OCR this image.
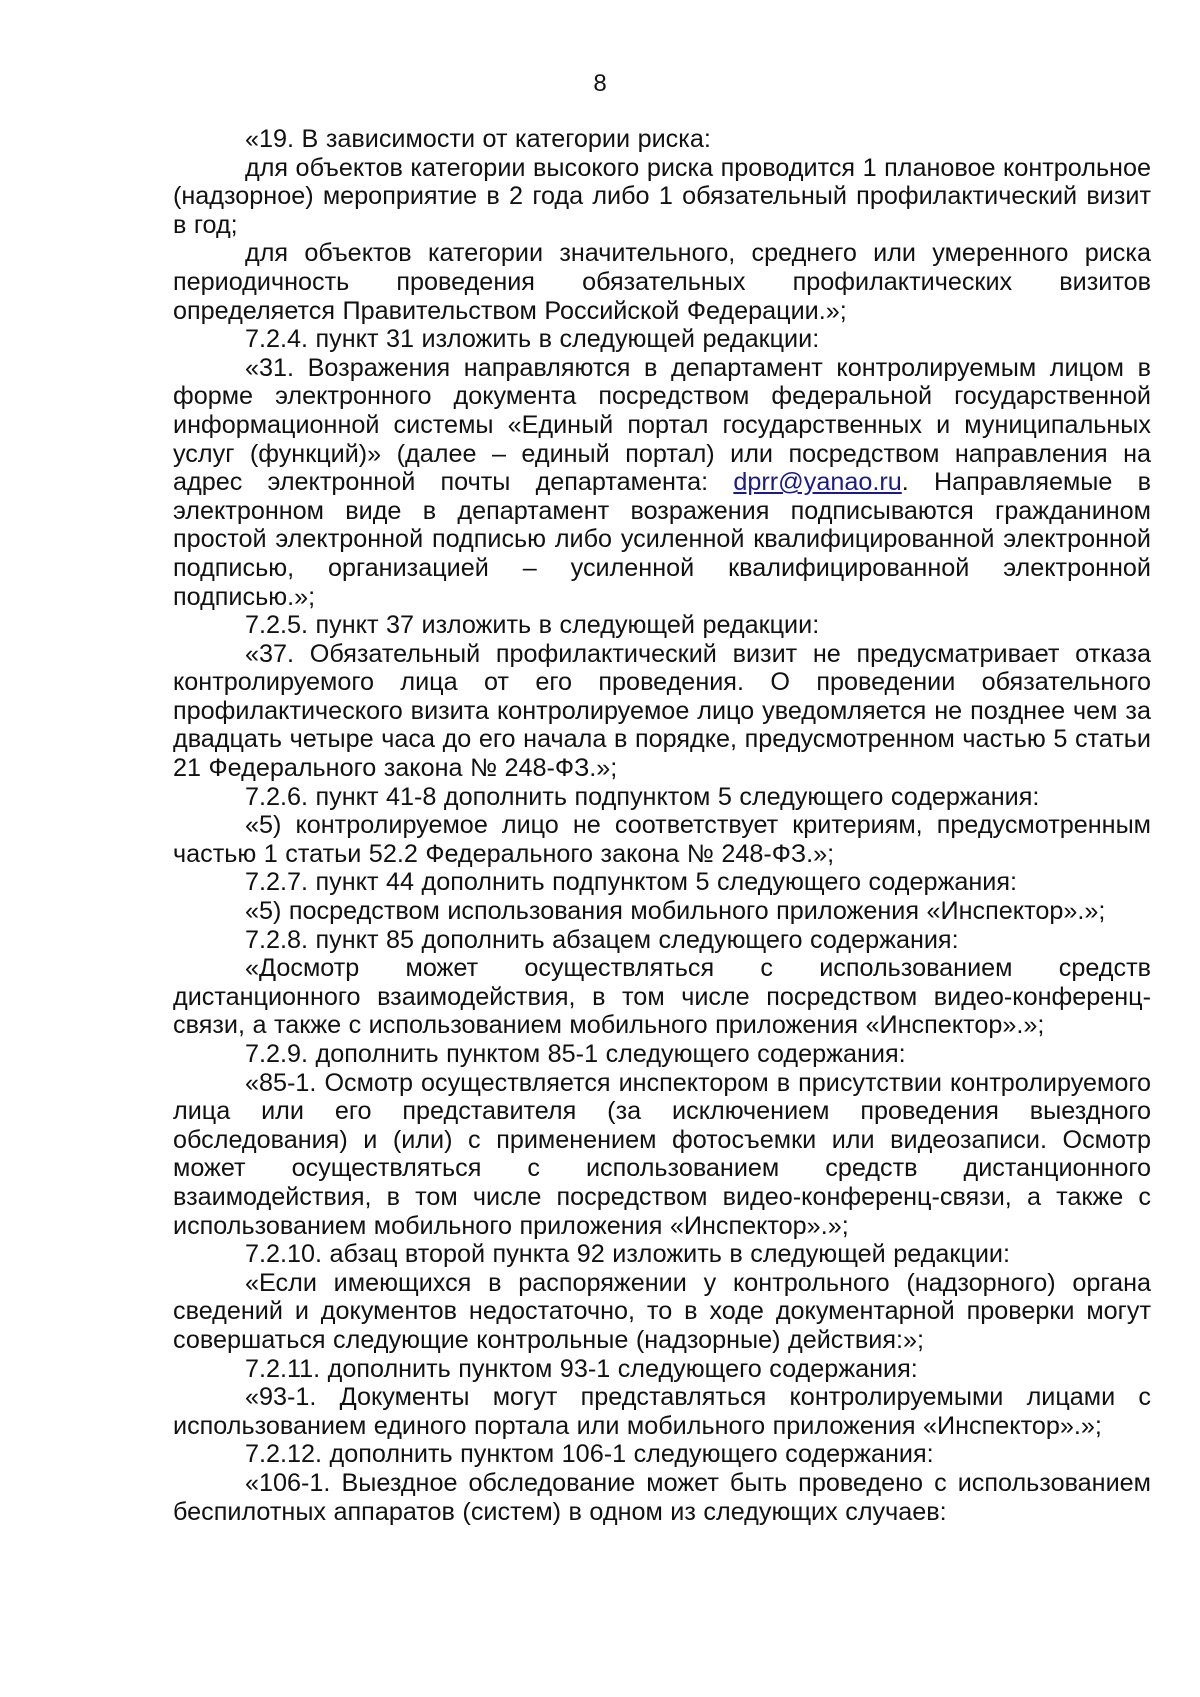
8

«19. В зависимости от категории риска:

для объектов категории высокого риска проводится 1 плановое контрольное (надзорное) мероприятие в 2 года либо 1 обязательный профилактический визит в год;

для объектов категории значительного, среднего или умеренного риска периодичность проведения обязательных профилактических визитов определяется Правительством Российской Федерации.»;

7.2.4. пункт 31 изложить в следующей редакции:

«31. Возражения направляются в департамент контролируемым лицом в форме электронного документа посредством федеральной государственной информационной системы «Единый портал государственных и муниципальных услуг (функций)» (далее – единый портал) или посредством направления на адрес электронной почты департамента: dprr@yanao.ru. Направляемые в электронном виде в департамент возражения подписываются гражданином простой электронной подписью либо усиленной квалифицированной электронной подписью, организацией – усиленной квалифицированной электронной подписью.»;

7.2.5. пункт 37 изложить в следующей редакции:

«37. Обязательный профилактический визит не предусматривает отказа контролируемого лица от его проведения. О проведении обязательного профилактического визита контролируемое лицо уведомляется не позднее чем за двадцать четыре часа до его начала в порядке, предусмотренном частью 5 статьи 21 Федерального закона № 248-ФЗ.»;

7.2.6. пункт 41-8 дополнить подпунктом 5 следующего содержания:

«5) контролируемое лицо не соответствует критериям, предусмотренным частью 1 статьи 52.2 Федерального закона № 248-ФЗ.»;

7.2.7. пункт 44 дополнить подпунктом 5 следующего содержания:

«5) посредством использования мобильного приложения «Инспектор».»;

7.2.8. пункт 85 дополнить абзацем следующего содержания:

«Досмотр может осуществляться с использованием средств дистанционного взаимодействия, в том числе посредством видео-конференц-связи, а также с использованием мобильного приложения «Инспектор».»;

7.2.9. дополнить пунктом 85-1 следующего содержания:

«85-1. Осмотр осуществляется инспектором в присутствии контролируемого лица или его представителя (за исключением проведения выездного обследования) и (или) с применением фотосъемки или видеозаписи. Осмотр может осуществляться с использованием средств дистанционного взаимодействия, в том числе посредством видео-конференц-связи, а также с использованием мобильного приложения «Инспектор».»;

7.2.10. абзац второй пункта 92 изложить в следующей редакции:

«Если имеющихся в распоряжении у контрольного (надзорного) органа сведений и документов недостаточно, то в ходе документарной проверки могут совершаться следующие контрольные (надзорные) действия:»;

7.2.11. дополнить пунктом 93-1 следующего содержания:

«93-1. Документы могут представляться контролируемыми лицами с использованием единого портала или мобильного приложения «Инспектор».»;

7.2.12. дополнить пунктом 106-1 следующего содержания:

«106-1. Выездное обследование может быть проведено с использованием беспилотных аппаратов (систем) в одном из следующих случаев:
